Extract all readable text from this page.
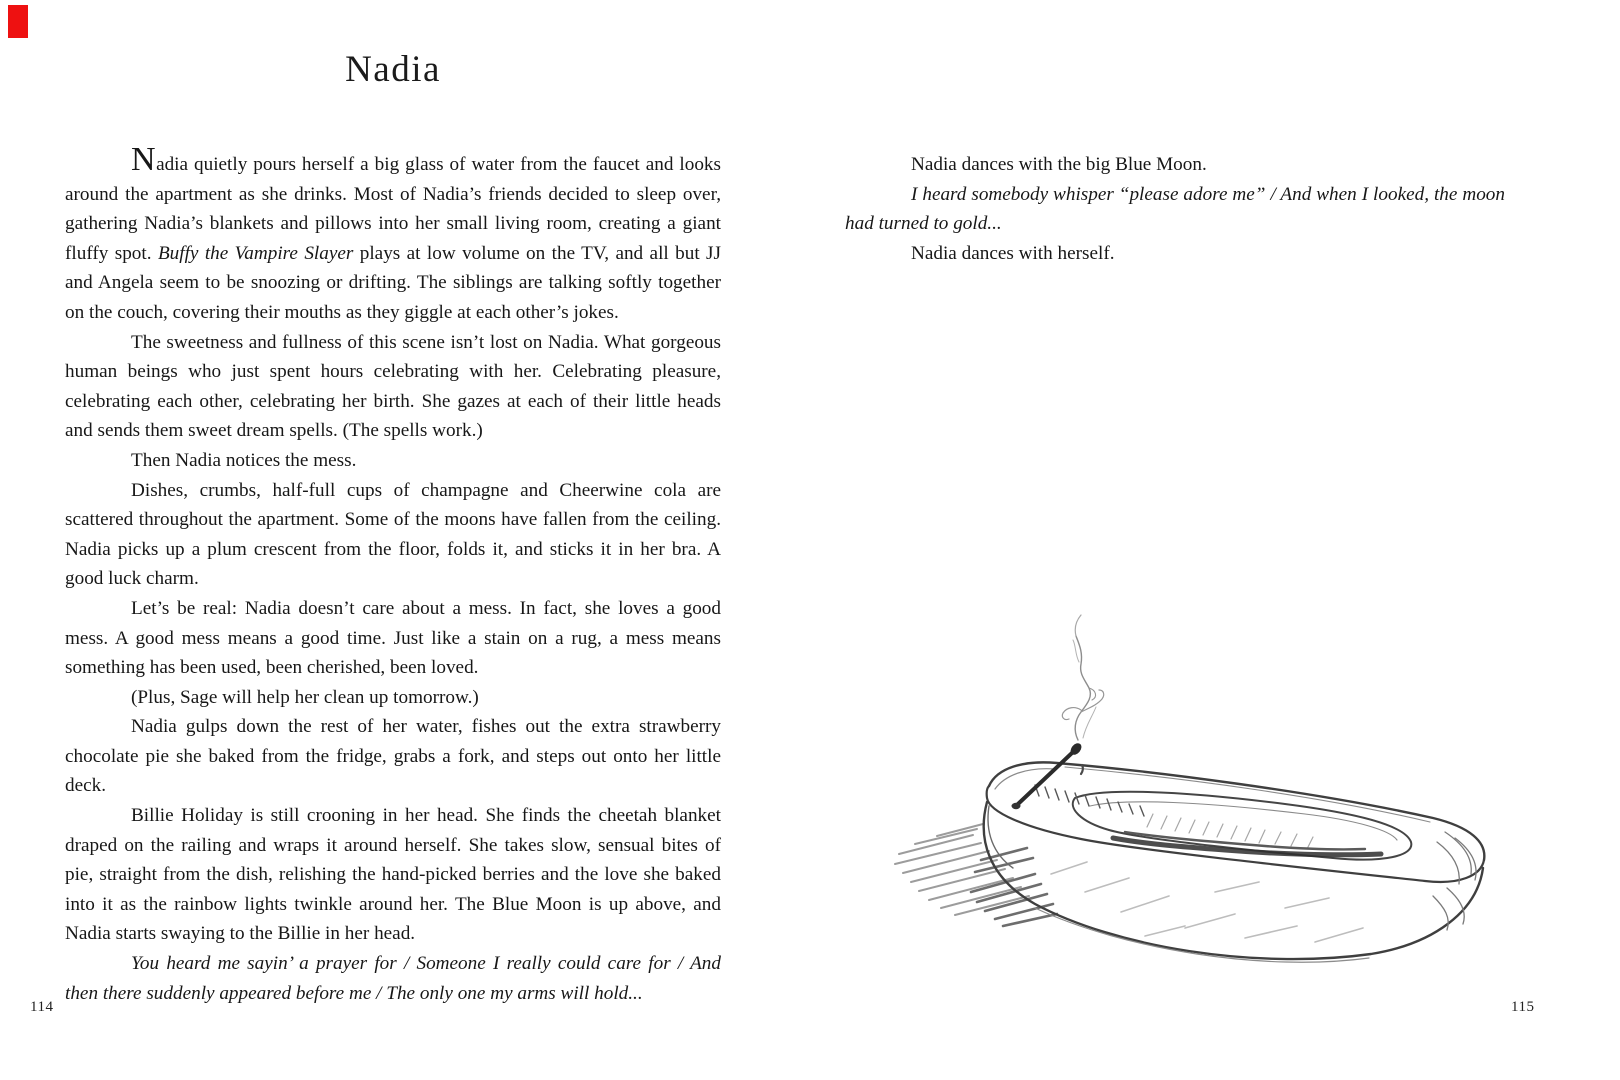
Nadia

Nadia quietly pours herself a big glass of water from the faucet and looks around the apartment as she drinks. Most of Nadia’s friends decided to sleep over, gathering Nadia’s blankets and pillows into her small living room, creating a giant fluffy spot. Buffy the Vampire Slayer plays at low volume on the TV, and all but JJ and Angela seem to be snoozing or drifting. The siblings are talking softly together on the couch, covering their mouths as they giggle at each other’s jokes.

The sweetness and fullness of this scene isn’t lost on Nadia. What gorgeous human beings who just spent hours celebrating with her. Celebrating pleasure, celebrating each other, celebrating her birth. She gazes at each of their little heads and sends them sweet dream spells. (The spells work.)

Then Nadia notices the mess.

Dishes, crumbs, half-full cups of champagne and Cheerwine cola are scattered throughout the apartment. Some of the moons have fallen from the ceiling. Nadia picks up a plum crescent from the floor, folds it, and sticks it in her bra. A good luck charm.

Let’s be real: Nadia doesn’t care about a mess. In fact, she loves a good mess. A good mess means a good time. Just like a stain on a rug, a mess means something has been used, been cherished, been loved.

(Plus, Sage will help her clean up tomorrow.)

Nadia gulps down the rest of her water, fishes out the extra strawberry chocolate pie she baked from the fridge, grabs a fork, and steps out onto her little deck.

Billie Holiday is still crooning in her head. She finds the cheetah blanket draped on the railing and wraps it around herself. She takes slow, sensual bites of pie, straight from the dish, relishing the hand-picked berries and the love she baked into it as the rainbow lights twinkle around her. The Blue Moon is up above, and Nadia starts swaying to the Billie in her head.

You heard me sayin’ a prayer for / Someone I really could care for / And then there suddenly appeared before me / The only one my arms will hold...

Nadia dances with the big Blue Moon.

I heard somebody whisper “please adore me” / And when I looked, the moon had turned to gold...

Nadia dances with herself.

114	115
